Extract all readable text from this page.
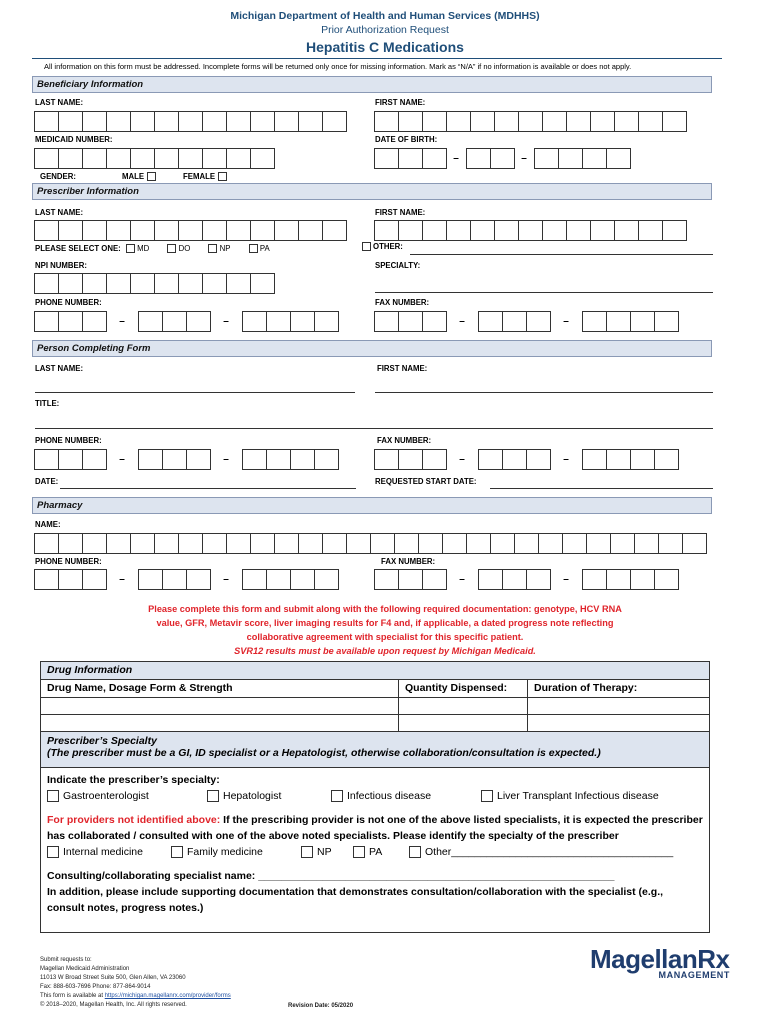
Michigan Department of Health and Human Services (MDHHS)
Prior Authorization Request
Hepatitis C Medications
All information on this form must be addressed. Incomplete forms will be returned only once for missing information. Mark as “N/A” if no information is available or does not apply.
Beneficiary Information
LAST NAME:	FIRST NAME:
MEDICAID NUMBER:	DATE OF BIRTH:
–	–
GENDER:	MALE	FEMALE
Prescriber Information
LAST NAME:	FIRST NAME:
PLEASE SELECT ONE: MD	DO	NP	PA	OTHER:
NPI NUMBER:	SPECIALTY:
PHONE NUMBER:	FAX NUMBER:
–	–	–	–
Person Completing Form
LAST NAME:	FIRST NAME:
TITLE:
PHONE NUMBER:	FAX NUMBER:
–	–	–	–
DATE:	REQUESTED START DATE:
Pharmacy
NAME:
PHONE NUMBER:	FAX NUMBER:
–	–	–	–
Please complete this form and submit along with the following required documentation: genotype, HCV RNA
value, GFR, Metavir score, liver imaging results for F4 and, if applicable, a dated progress note reflecting
collaborative agreement with specialist for this specific patient.
SVR12 results must be available upon request by Michigan Medicaid.
Drug Information
Drug Name, Dosage Form & Strength	Quantity Dispensed:	Duration of Therapy:
Prescriber’s Specialty
(The prescriber must be a GI, ID specialist or a Hepatologist, otherwise collaboration/consultation is expected.)
Indicate the prescriber’s specialty:
Gastroenterologist	Hepatologist	Infectious disease	Liver Transplant Infectious disease
For providers not identified above: If the prescribing provider is not one of the above listed specialists, it is expected the prescriber
has collaborated / consulted with one of the above noted specialists. Please identify the specialty of the prescriber
Internal medicine	Family medicine	NP	PA	Other______________________________________
Consulting/collaborating specialist name: _____________________________________________________________
In addition, please include supporting documentation that demonstrates consultation/collaboration with the specialist (e.g.,
consult notes, progress notes.)
Submit requests to:
Magellan Medicaid Administration
11013 W Broad Street Suite 500, Glen Allen, VA 23060
Fax: 888-603-7696 Phone: 877-864-9014
This form is available at https://michigan.magellanrx.com/provider/forms
© 2018–2020, Magellan Health, Inc. All rights reserved.	Revision Date: 05/2020
MagellanRx
MANAGEMENT
